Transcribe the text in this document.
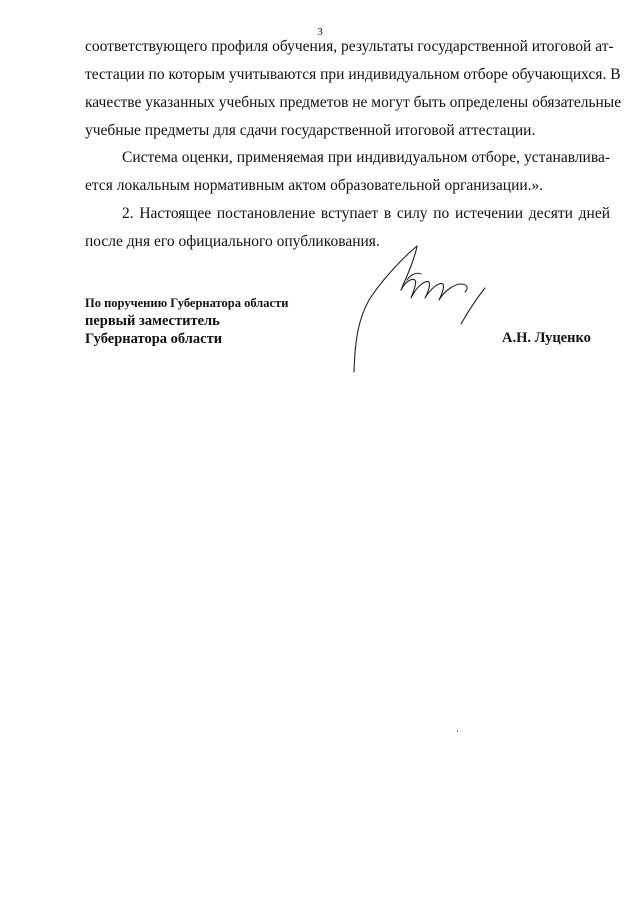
3
соответствующего профиля обучения, результаты государственной итоговой ат-
тестации по которым учитываются при индивидуальном отборе обучающихся. В
качестве указанных учебных предметов не могут быть определены обязательные
учебные предметы для сдачи государственной итоговой аттестации.
Система оценки, применяемая при индивидуальном отборе, устанавлива-
ется локальным нормативным актом образовательной организации.».
2. Настоящее постановление вступает в силу по истечении десяти дней
после дня его официального опубликования.
По поручению Губернатора области
первый заместитель
Губернатора области	А.Н. Луценко
